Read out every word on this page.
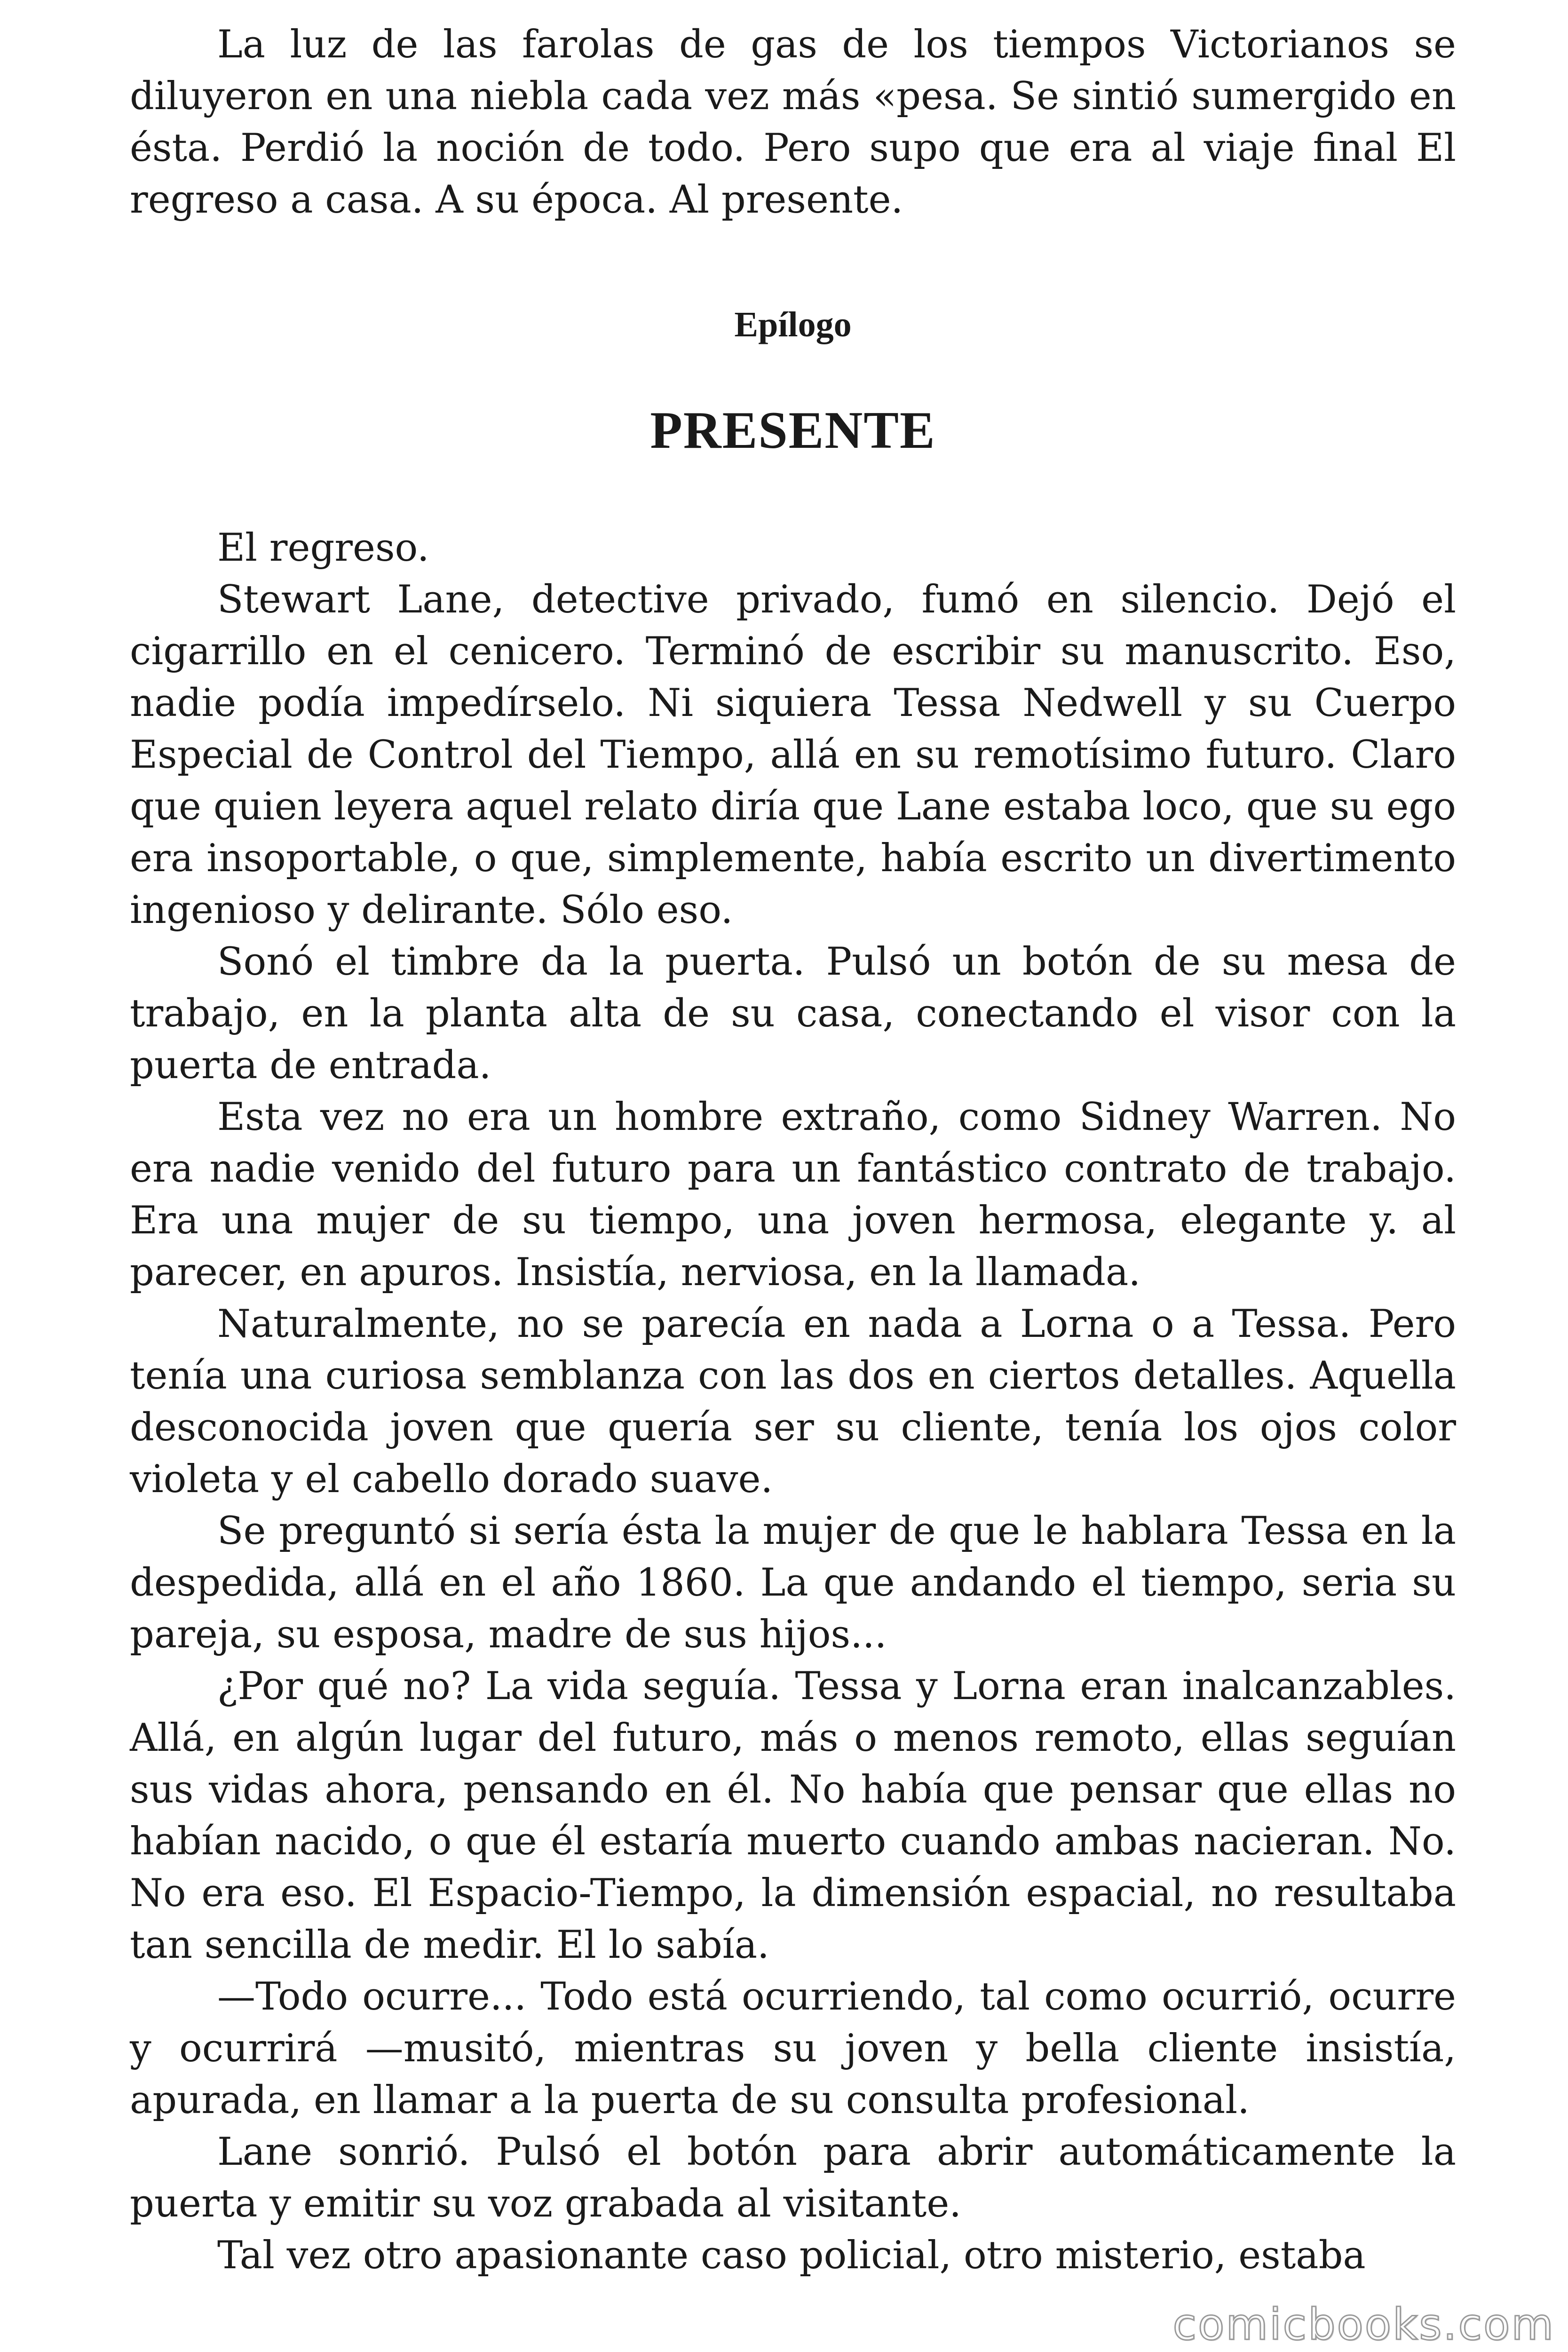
La luz de las farolas de gas de los tiempos Victorianos se diluyeron en una niebla cada vez más «pesa. Se sintió sumergido en ésta. Perdió la noción de todo. Pero supo que era al viaje final El regreso a casa. A su época. Al presente.

Epílogo
PRESENTE

El regreso.

Stewart Lane, detective privado, fumó en silencio. Dejó el cigarrillo en el cenicero. Terminó de escribir su manuscrito. Eso, nadie podía impedírselo. Ni siquiera Tessa Nedwell y su Cuerpo Especial de Control del Tiempo, allá en su remotísimo futuro. Claro que quien leyera aquel relato diría que Lane estaba loco, que su ego era insoportable, o que, simplemente, había escrito un divertimento ingenioso y delirante. Sólo eso.

Sonó el timbre da la puerta. Pulsó un botón de su mesa de trabajo, en la planta alta de su casa, conectando el visor con la puerta de entrada.

Esta vez no era un hombre extraño, como Sidney Warren. No era nadie venido del futuro para un fantástico contrato de trabajo. Era una mujer de su tiempo, una joven hermosa, elegante y. al parecer, en apuros. Insistía, nerviosa, en la llamada.

Naturalmente, no se parecía en nada a Lorna o a Tessa. Pero tenía una curiosa semblanza con las dos en ciertos detalles. Aquella desconocida joven que quería ser su cliente, tenía los ojos color violeta y el cabello dorado suave.

Se preguntó si sería ésta la mujer de que le hablara Tessa en la despedida, allá en el año 1860. La que andando el tiempo, seria su pareja, su esposa, madre de sus hijos...

¿Por qué no? La vida seguía. Tessa y Lorna eran inalcanzables. Allá, en algún lugar del futuro, más o menos remoto, ellas seguían sus vidas ahora, pensando en él. No había que pensar que ellas no habían nacido, o que él estaría muerto cuando ambas nacieran. No. No era eso. El Espacio-Tiempo, la dimensión espacial, no resultaba tan sencilla de medir. El lo sabía.

—Todo ocurre... Todo está ocurriendo, tal como ocurrió, ocurre y ocurrirá —musitó, mientras su joven y bella cliente insistía, apurada, en llamar a la puerta de su consulta profesional.

Lane sonrió. Pulsó el botón para abrir automáticamente la puerta y emitir su voz grabada al visitante.

Tal vez otro apasionante caso policial, otro misterio, estaba

comicbooks.com
